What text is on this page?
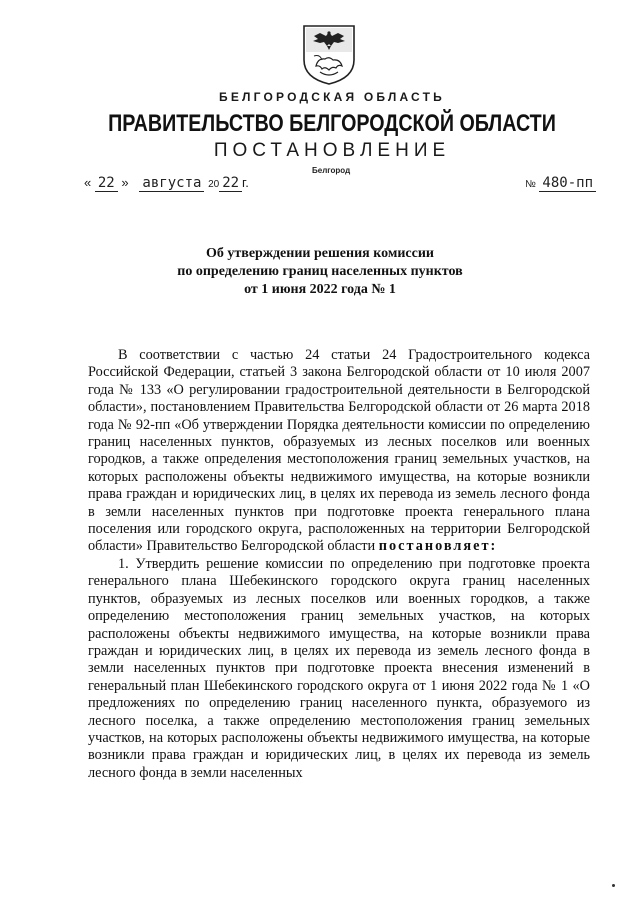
БЕЛГОРОДСКАЯ ОБЛАСТЬ
ПРАВИТЕЛЬСТВО БЕЛГОРОДСКОЙ ОБЛАСТИ
ПОСТАНОВЛЕНИЕ
Белгород
« 22 » августа 20 22 г.	№ 480-пп
Об утверждении решения комиссии
по определению границ населенных пунктов
от 1 июня 2022 года № 1

В соответствии с частью 24 статьи 24 Градостроительного кодекса Российской Федерации, статьей 3 закона Белгородской области от 10 июля 2007 года № 133 «О регулировании градостроительной деятельности в Белгородской области», постановлением Правительства Белгородской области от 26 марта 2018 года № 92-пп «Об утверждении Порядка деятельности комиссии по определению границ населенных пунктов, образуемых из лесных поселков или военных городков, а также определения местоположения границ земельных участков, на которых расположены объекты недвижимого имущества, на которые возникли права граждан и юридических лиц, в целях их перевода из земель лесного фонда в земли населенных пунктов при подготовке проекта генерального плана поселения или городского округа, расположенных на территории Белгородской области» Правительство Белгородской области постановляет:

1. Утвердить решение комиссии по определению при подготовке проекта генерального плана Шебекинского городского округа границ населенных пунктов, образуемых из лесных поселков или военных городков, а также определению местоположения границ земельных участков, на которых расположены объекты недвижимого имущества, на которые возникли права граждан и юридических лиц, в целях их перевода из земель лесного фонда в земли населенных пунктов при подготовке проекта внесения изменений в генеральный план Шебекинского городского округа от 1 июня 2022 года № 1 «О предложениях по определению границ населенного пункта, образуемого из лесного поселка, а также определению местоположения границ земельных участков, на которых расположены объекты недвижимого имущества, на которые возникли права граждан и юридических лиц, в целях их перевода из земель лесного фонда в земли населенных
